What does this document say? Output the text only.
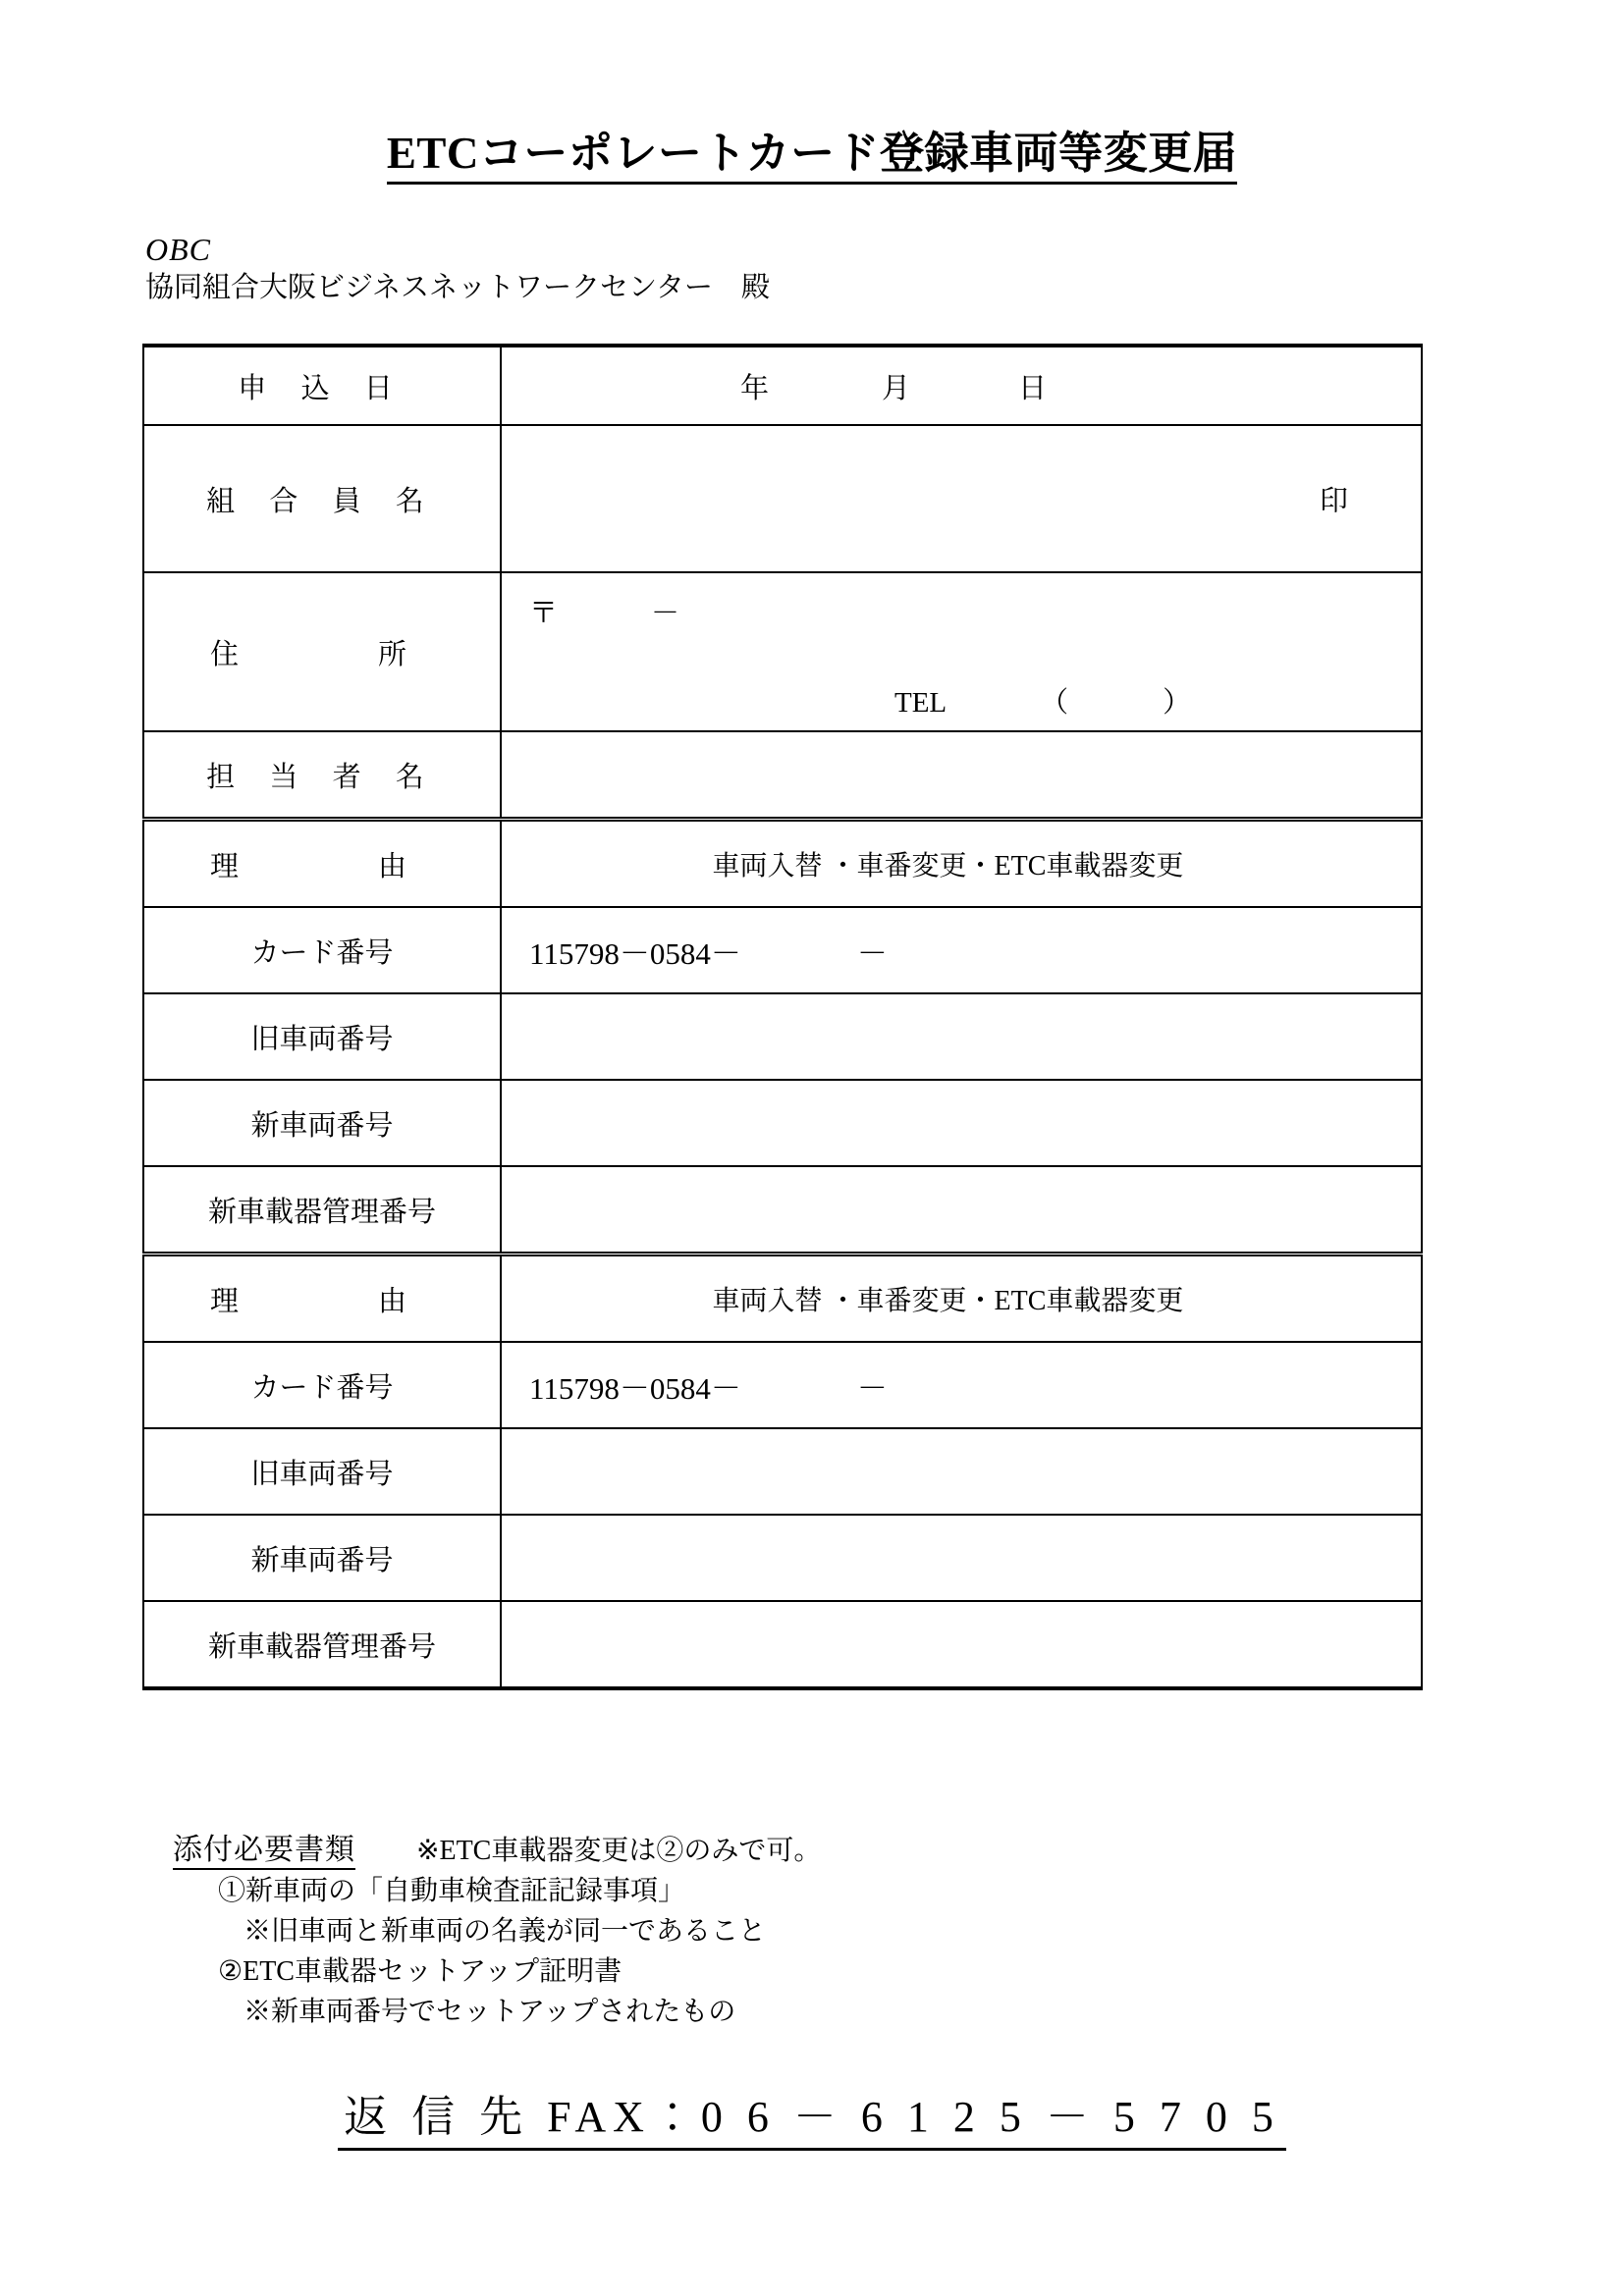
ETCコーポレートカード登録車両等変更届
OBC
協同組合大阪ビジネスネットワークセンター　殿
申 込 日	年 月 日

組 合 員 名	印

住　　所	〒 －
TEL （ ）

担 当 者 名	
理　　由	車両入替 ・車番変更・ETC車載器変更

カード番号	115798－0584－ －

旧車両番号	
新車両番号	
新車載器管理番号	
理　　由	車両入替 ・車番変更・ETC車載器変更

カード番号	115798－0584－ －

旧車両番号	
新車両番号	
新車載器管理番号	
添付必要書類 ※ETC車載器変更は②のみで可。
①新車両の「自動車検査証記録事項」
※旧車両と新車両の名義が同一であること
②ETC車載器セットアップ証明書
※新車両番号でセットアップされたもの
返 信 先 FAX：0 6 － 6 1 2 5 － 5 7 0 5
